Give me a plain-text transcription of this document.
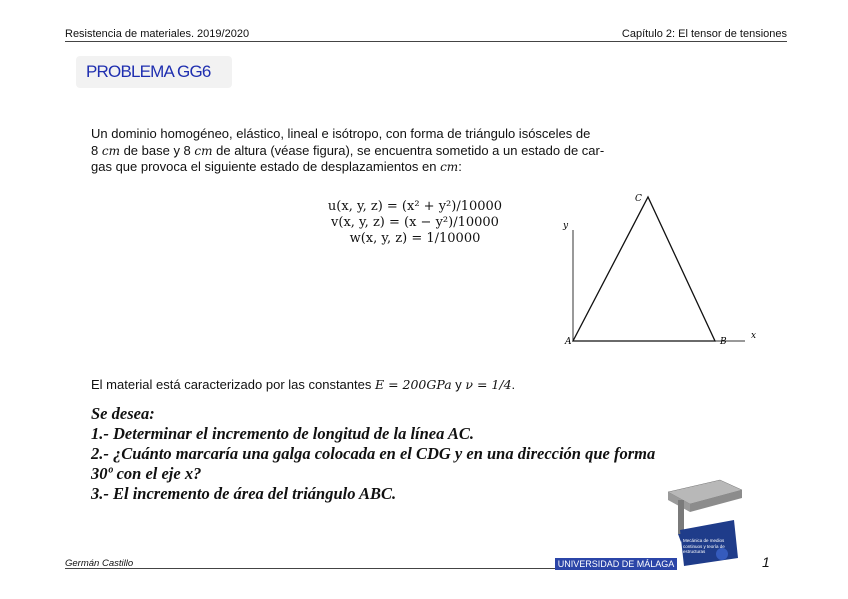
Resistencia de materiales. 2019/2020	Capítulo 2: El tensor de tensiones
PROBLEMA GG6

Un dominio homogéneo, elástico, lineal e isótropo, con forma de triángulo isósceles de

8 cm de base y 8 cm de altura (véase figura), se encuentra sometido a un estado de car-

gas que provoca el siguiente estado de desplazamientos en cm:

u(x, y, z) = (x² + y²)/10000
v(x, y, z) = (x − y²)/10000
w(x, y, z) = 1/10000
A	B
C
x
y
El material está caracterizado por las constantes E = 200GPa y ν = 1/4.
Se desea:
1.- Determinar el incremento de longitud de la línea AC.
2.- ¿Cuánto marcaría una galga colocada en el CDG y en una dirección que forma
30º con el eje x?
3.- El incremento de área del triángulo ABC.
Mecánica de medios continuos y teoría de estructuras
Germán Castillo	UNIVERSIDAD DE MÁLAGA	1
